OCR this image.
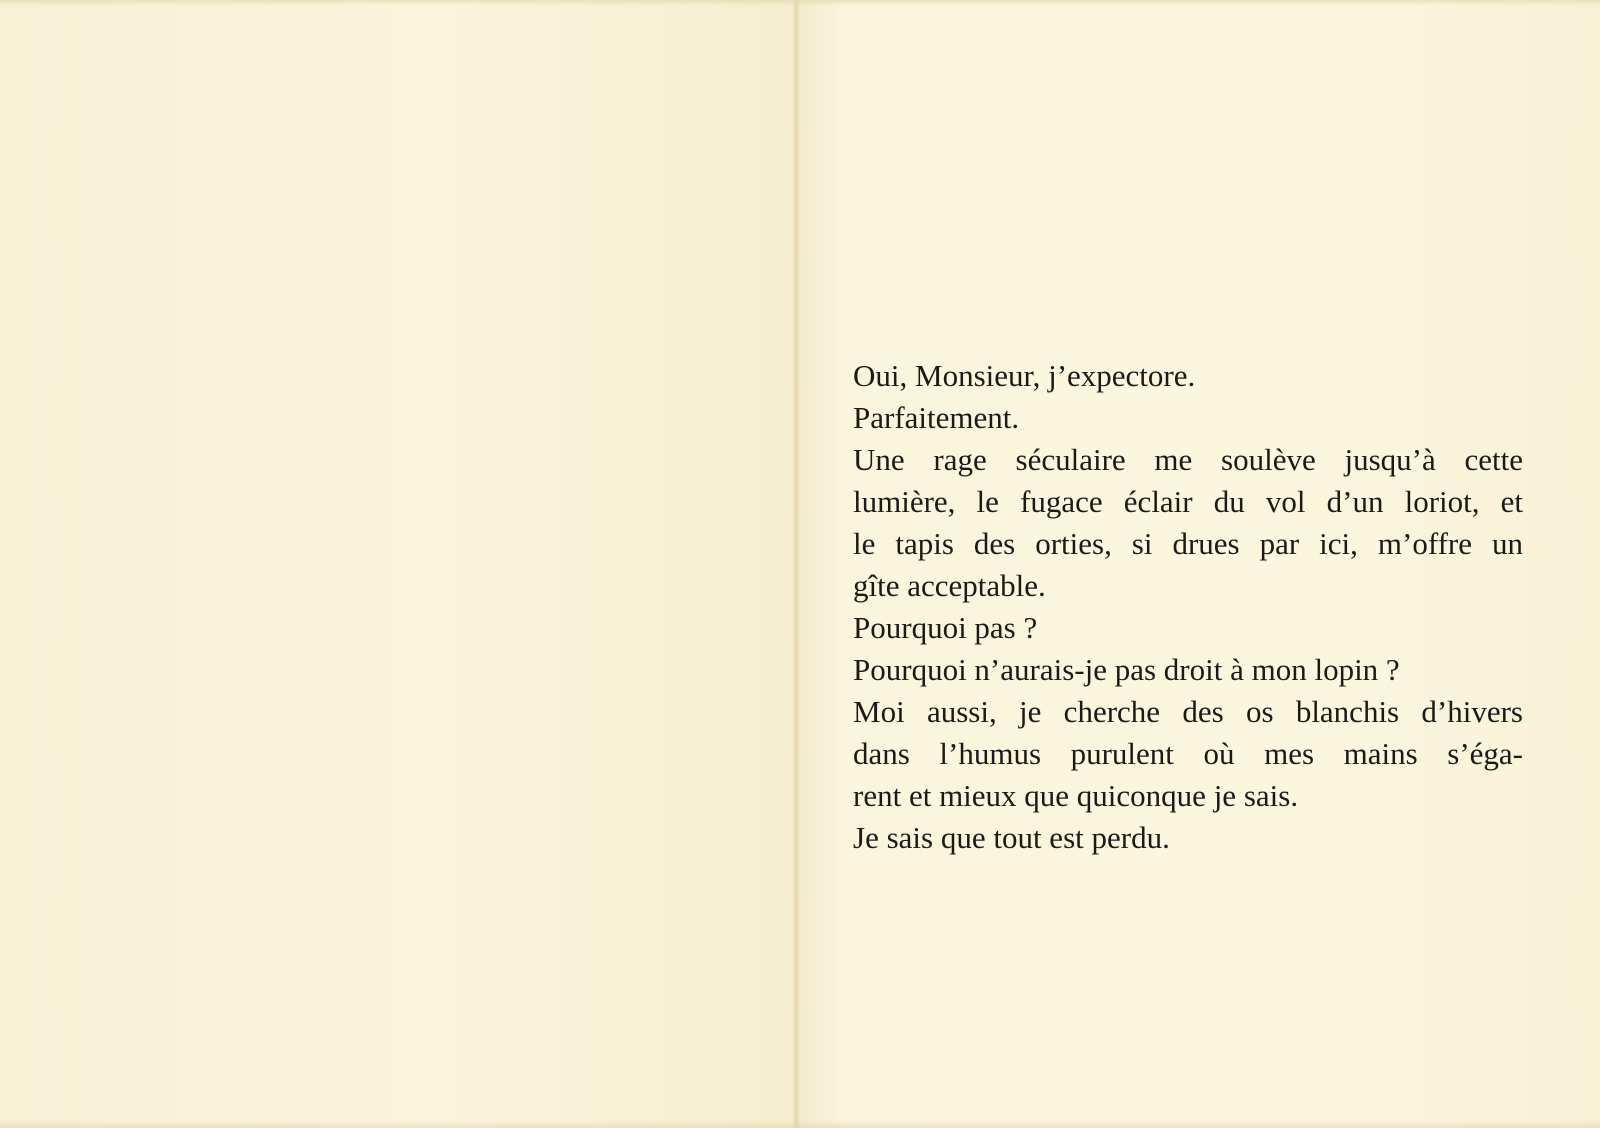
Oui, Monsieur, j’expectore.
Parfaitement.
Une rage séculaire me soulève jusqu’à cette
lumière, le fugace éclair du vol d’un loriot, et
le tapis des orties, si drues par ici, m’offre un
gîte acceptable.
Pourquoi pas ?
Pourquoi n’aurais-je pas droit à mon lopin ?
Moi aussi, je cherche des os blanchis d’hivers
dans l’humus purulent où mes mains s’éga-
rent et mieux que quiconque je sais.
Je sais que tout est perdu.
